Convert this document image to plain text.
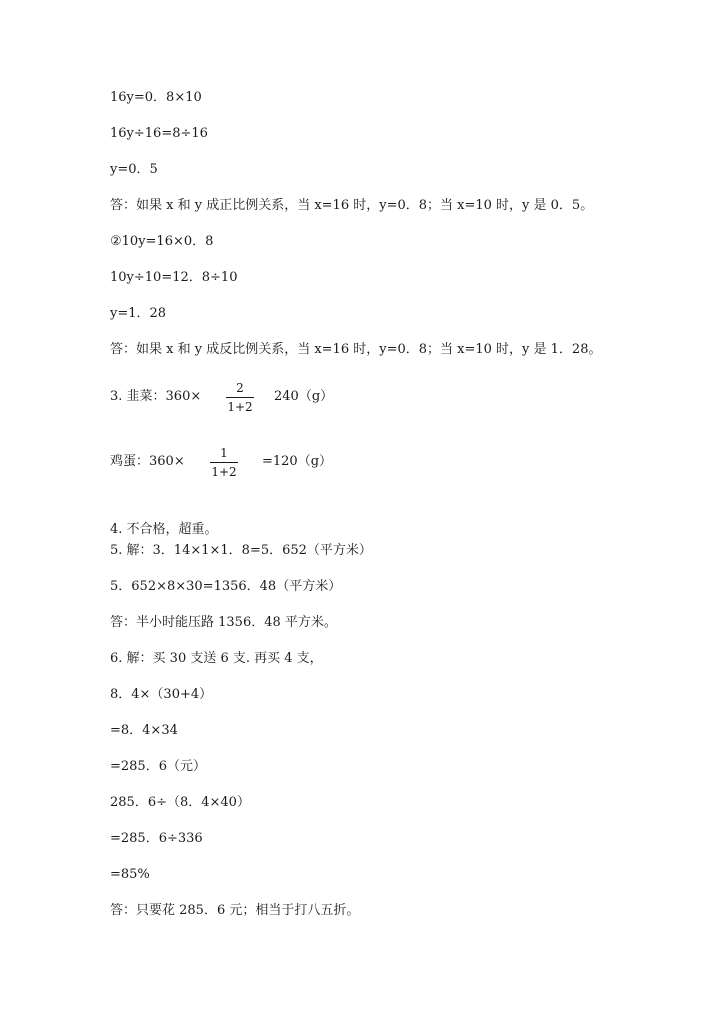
16y=0．8×10
16y÷16=8÷16
y=0．5
答：如果 x 和 y 成正比例关系，当 x=16 时，y=0．8；当 x=10 时，y 是 0．5。
②10y=16×0．8
10y÷10=12．8÷10
y=1．28
答：如果 x 和 y 成反比例关系，当 x=16 时，y=0．8；当 x=10 时，y 是 1．28。
3. 韭菜：360×
2
1+2
240（g）
鸡蛋：360×
1
1+2
=120（g）
4. 不合格，超重。
5. 解：3．14×1×1．8=5．652（平方米）
5．652×8×30=1356．48（平方米）
答：半小时能压路 1356．48 平方米。
6. 解：买 30 支送 6 支. 再买 4 支，
8．4×（30+4）
=8．4×34
=285．6（元）
285．6÷（8．4×40）
=285．6÷336
=85%
答：只要花 285．6 元；相当于打八五折。
